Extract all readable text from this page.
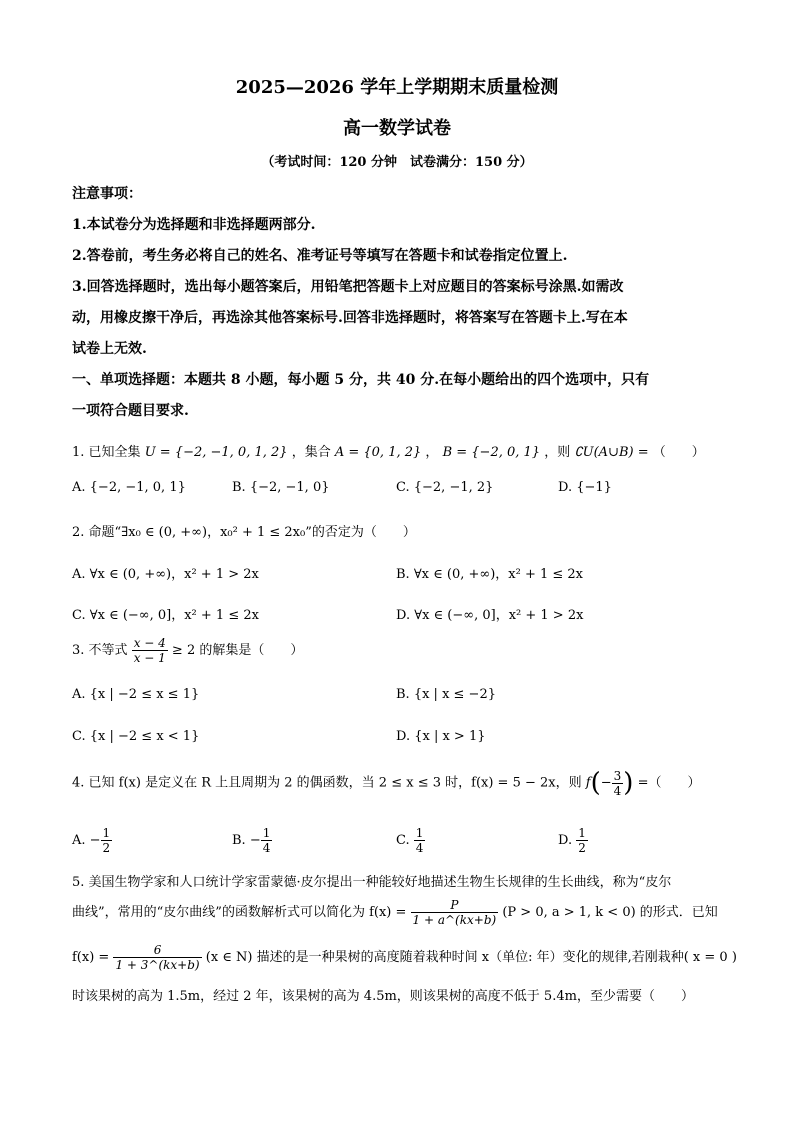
2025—2026 学年上学期期末质量检测
高一数学试卷
（考试时间：120 分钟　试卷满分：150 分）
注意事项：
1.本试卷分为选择题和非选择题两部分.
2.答卷前，考生务必将自己的姓名、准考证号等填写在答题卡和试卷指定位置上.
3.回答选择题时，选出每小题答案后，用铅笔把答题卡上对应题目的答案标号涂黑.如需改
动，用橡皮擦干净后，再选涂其他答案标号.回答非选择题时，将答案写在答题卡上.写在本
试卷上无效.
一、单项选择题：本题共 8 小题，每小题 5 分，共 40 分.在每小题给出的四个选项中，只有
一项符合题目要求.
1. 已知全集 U = {−2, −1, 0, 1, 2} ，集合 A = {0, 1, 2} ， B = {−2, 0, 1} ，则 ∁U(A∪B) = （　　）
A. {−2, −1, 0, 1}	B. {−2, −1, 0}	C. {−2, −1, 2}	D. {−1}
2. 命题“∃x₀ ∈ (0, +∞)，x₀² + 1 ≤ 2x₀”的否定为（　　）
A. ∀x ∈ (0, +∞)，x² + 1 > 2x	B. ∀x ∈ (0, +∞)，x² + 1 ≤ 2x
C. ∀x ∈ (−∞, 0]，x² + 1 ≤ 2x	D. ∀x ∈ (−∞, 0]，x² + 1 > 2x
3. 不等式 $\frac{x - 4}{x - 1} \ge 2$ 的解集是（　　）
A. {x | −2 ≤ x ≤ 1}	B. {x | x ≤ −2}
C. {x | −2 ≤ x < 1}	D. {x | x > 1}
4. 已知 f(x) 是定义在 R 上且周期为 2 的偶函数，当 2 ≤ x ≤ 3 时，f(x) = 5 − 2x，则 $f(- \frac{3}{4}$ ) =（　　）
A. − $\frac{1}{2}$	B. − $\frac{1}{4}$	C. $\frac{1}{4}$	D. $\frac{1}{2}$
5. 美国生物学家和人口统计学家雷蒙德·皮尔提出一种能较好地描述生物生长规律的生长曲线，称为“皮尔
曲线”，常用的“皮尔曲线”的函数解析式可以简化为 $f(x) = \frac{P}{1 + a\^{}(kx+b)} (P > 0$, a > 1, k < 0) 的形式．已知
$f(x) = \frac{6}{1 + 3\^{}(kx+b)} (x$ ∈ N) 描述的是一种果树的高度随着栽种时间 x（单位: 年）变化的规律,若刚栽种( x = 0 )
时该果树的高为 1.5m，经过 2 年，该果树的高为 4.5m，则该果树的高度不低于 5.4m，至少需要（　　）
